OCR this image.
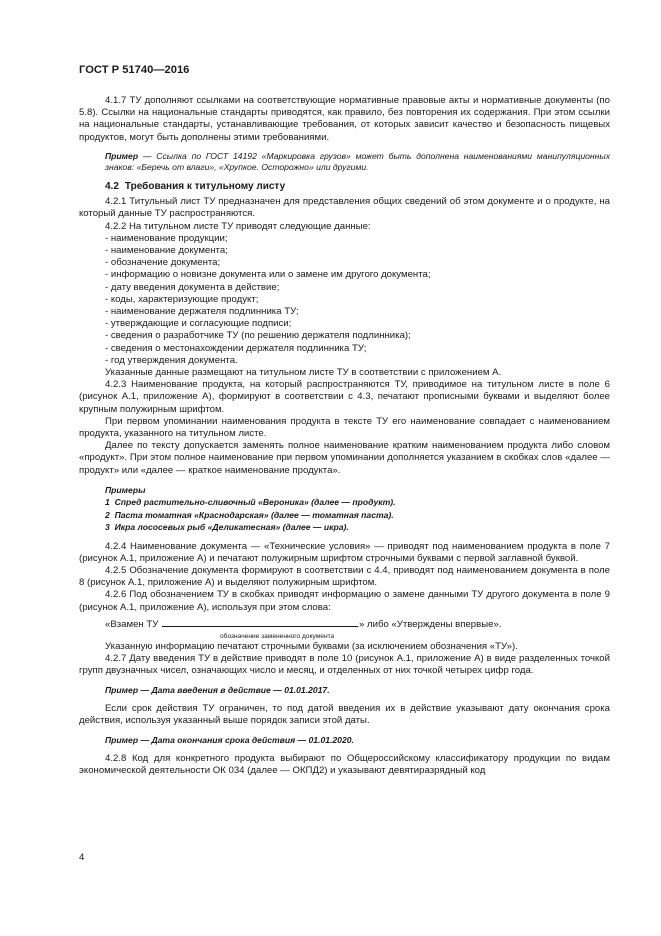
ГОСТ Р 51740—2016

4.1.7 ТУ дополняют ссылками на соответствующие нормативные правовые акты и нормативные документы (по 5.8). Ссылки на национальные стандарты приводятся, как правило, без повторения их содержания. При этом ссылки на национальные стандарты, устанавливающие требования, от которых зависит качество и безопасность пищевых продуктов, могут быть дополнены этими требованиями.

Пример — Ссылка по ГОСТ 14192 «Маркировка грузов» может быть дополнена наименованиями манипуляционных знаков: «Беречь от влаги», «Хрупкое. Осторожно» или другими.

4.2 Требования к титульному листу

4.2.1 Титульный лист ТУ предназначен для представления общих сведений об этом документе и о продукте, на который данные ТУ распространяются.

4.2.2 На титульном листе ТУ приводят следующие данные:

- наименование продукции;

- наименование документа;

- обозначение документа;

- информацию о новизне документа или о замене им другого документа;

- дату введения документа в действие;

- коды, характеризующие продукт;

- наименование держателя подлинника ТУ;

- утверждающие и согласующие подписи;

- сведения о разработчике ТУ (по решению держателя подлинника);

- сведения о местонахождении держателя подлинника ТУ;

- год утверждения документа.

Указанные данные размещают на титульном листе ТУ в соответствии с приложением А.

4.2.3 Наименование продукта, на который распространяются ТУ, приводимое на титульном листе в поле 6 (рисунок А.1, приложение А), формируют в соответствии с 4.3, печатают прописными буквами и выделяют более крупным полужирным шрифтом.

При первом упоминании наименования продукта в тексте ТУ его наименование совпадает с наименованием продукта, указанного на титульном листе.

Далее по тексту допускается заменять полное наименование кратким наименованием продукта либо словом «продукт». При этом полное наименование при первом упоминании дополняется указанием в скобках слов «далее — продукт» или «далее — краткое наименование продукта».

Примеры
1 Спред растительно-сливочный «Вероника» (далее — продукт).
2 Паста томатная «Краснодарская» (далее — томатная паста).
3 Икра лососевых рыб «Деликатесная» (далее — икра).

4.2.4 Наименование документа — «Технические условия» — приводят под наименованием продукта в поле 7 (рисунок А.1, приложение А) и печатают полужирным шрифтом строчными буквами с первой заглавной буквой.

4.2.5 Обозначение документа формируют в соответствии с 4.4, приводят под наименованием документа в поле 8 (рисунок А.1, приложение А) и выделяют полужирным шрифтом.

4.2.6 Под обозначением ТУ в скобках приводят информацию о замене данными ТУ другого документа в поле 9 (рисунок А.1, приложение А), используя при этом слова:

«Взамен ТУ	» либо «Утверждены впервые».
обозначение замененного документа

Указанную информацию печатают строчными буквами (за исключением обозначения «ТУ»).

4.2.7 Дату введения ТУ в действие приводят в поле 10 (рисунок А.1, приложение А) в виде разделенных точкой групп двузначных чисел, означающих число и месяц, и отделенных от них точкой четырех цифр года.

Пример — Дата введения в действие — 01.01.2017.

Если срок действия ТУ ограничен, то под датой введения их в действие указывают дату окончания срока действия, используя указанный выше порядок записи этой даты.

Пример — Дата окончания срока действия — 01.01.2020.

4.2.8 Код для конкретного продукта выбирают по Общероссийскому классификатору продукции по видам экономической деятельности ОК 034 (далее — ОКПД2) и указывают девятиразрядный код

4
